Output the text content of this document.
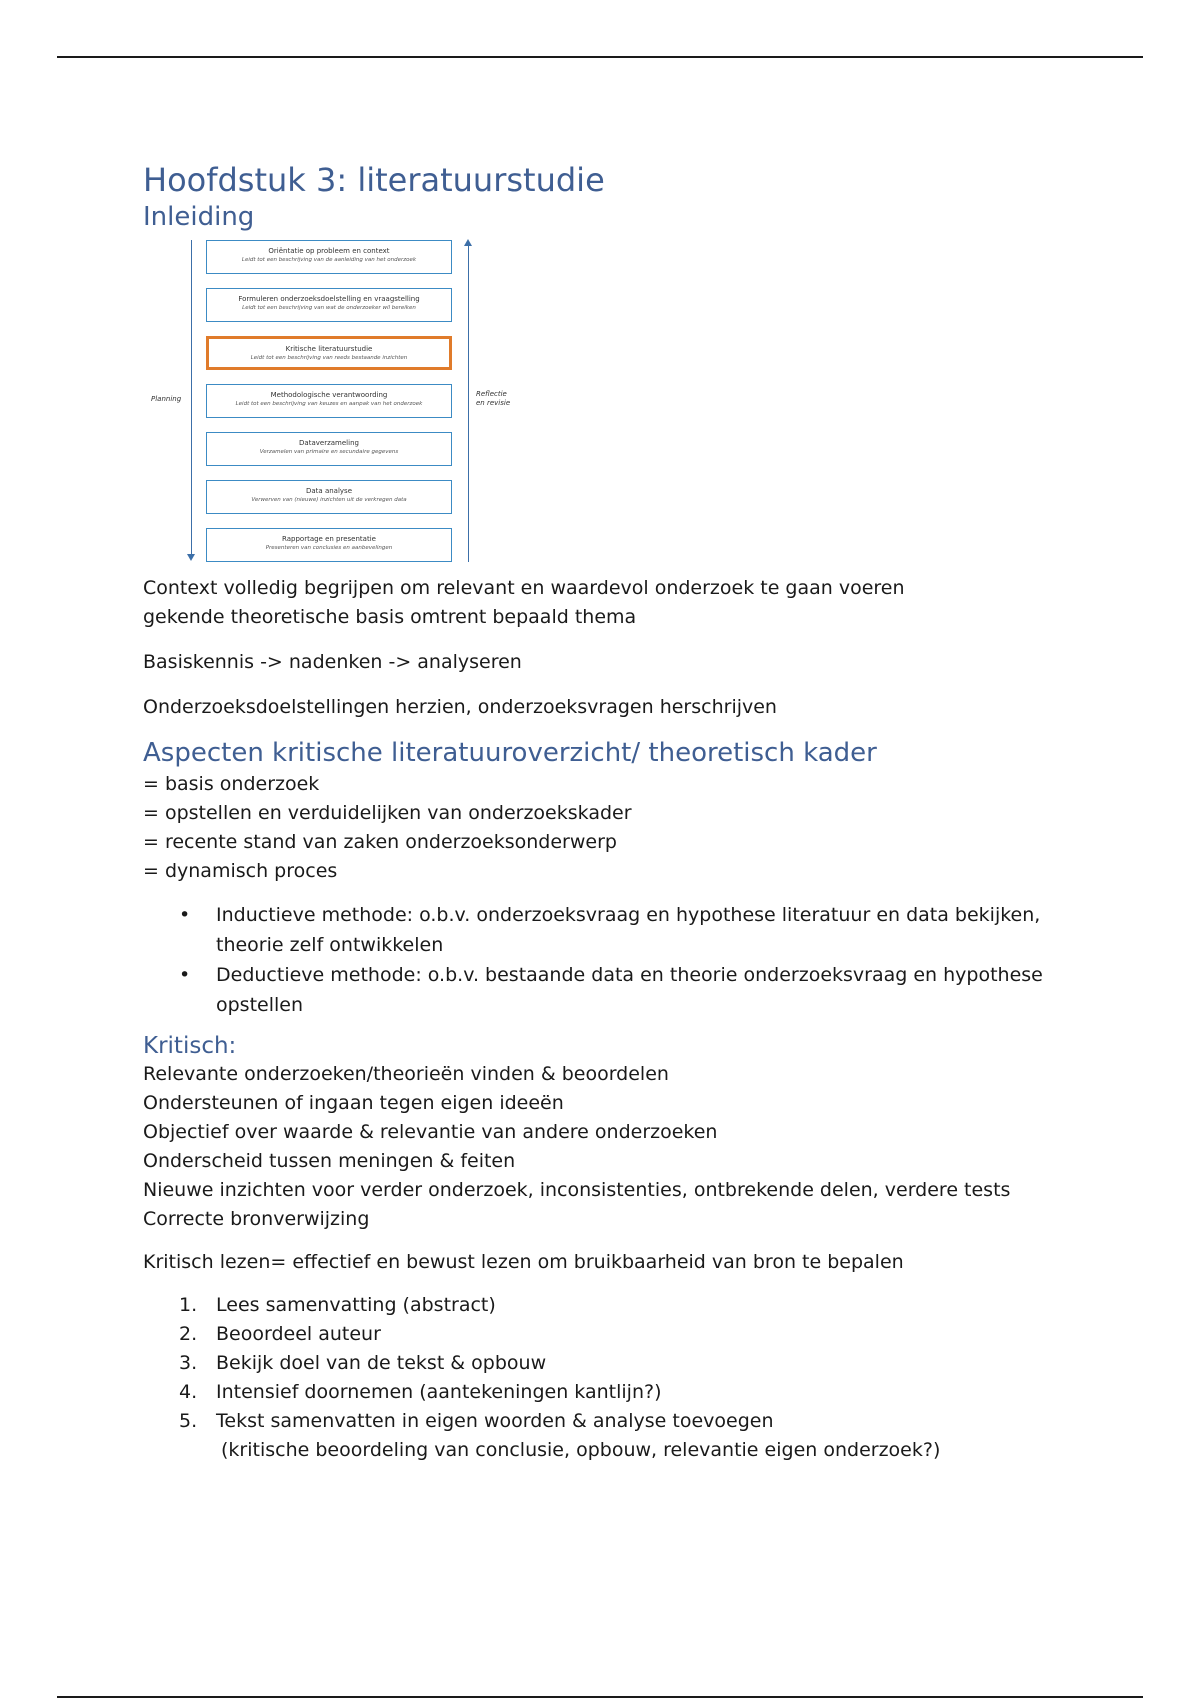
Hoofdstuk 3: literatuurstudie
Inleiding
Planning
Reflectie
en revisie
Oriëntatie op probleem en context
Leidt tot een beschrijving van de aanleiding van het onderzoek
Formuleren onderzoeksdoelstelling en vraagstelling
Leidt tot een beschrijving van wat de onderzoeker wil bereiken
Kritische literatuurstudie
Leidt tot een beschrijving van reeds bestaande inzichten
Methodologische verantwoording
Leidt tot een beschrijving van keuzes en aanpak van het onderzoek
Dataverzameling
Verzamelen van primaire en secundaire gegevens
Data analyse
Verwerven van (nieuwe) inzichten uit de verkregen data
Rapportage en presentatie
Presenteren van conclusies en aanbevelingen

Context volledig begrijpen om relevant en waardevol onderzoek te gaan voeren

gekende theoretische basis omtrent bepaald thema

Basiskennis -> nadenken -> analyseren

Onderzoeksdoelstellingen herzien, onderzoeksvragen herschrijven

Aspecten kritische literatuuroverzicht/ theoretisch kader

= basis onderzoek

= opstellen en verduidelijken van onderzoekskader

= recente stand van zaken onderzoeksonderwerp

= dynamisch proces

• Inductieve methode: o.b.v. onderzoeksvraag en hypothese literatuur en data bekijken,
theorie zelf ontwikkelen
• Deductieve methode: o.b.v. bestaande data en theorie onderzoeksvraag en hypothese
opstellen
Kritisch:

Relevante onderzoeken/theorieën vinden & beoordelen

Ondersteunen of ingaan tegen eigen ideeën

Objectief over waarde & relevantie van andere onderzoeken

Onderscheid tussen meningen & feiten

Nieuwe inzichten voor verder onderzoek, inconsistenties, ontbrekende delen, verdere tests

Correcte bronverwijzing

Kritisch lezen= effectief en bewust lezen om bruikbaarheid van bron te bepalen

1. Lees samenvatting (abstract)
2. Beoordeel auteur
3. Bekijk doel van de tekst & opbouw
4. Intensief doornemen (aantekeningen kantlijn?)
5. Tekst samenvatten in eigen woorden & analyse toevoegen
(kritische beoordeling van conclusie, opbouw, relevantie eigen onderzoek?)
